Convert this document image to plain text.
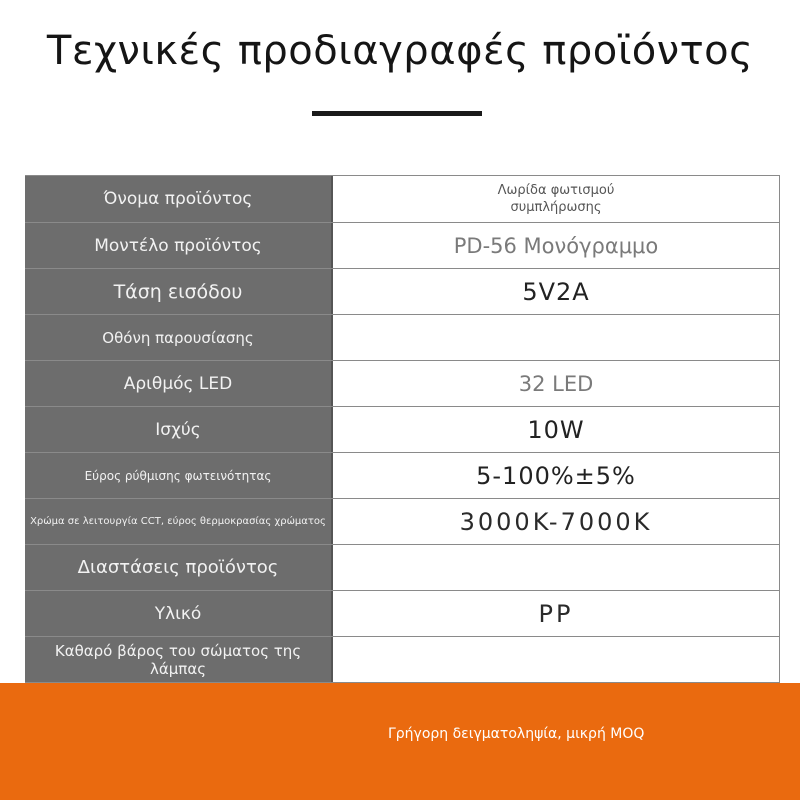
Τεχνικές προδιαγραφές προϊόντος
Όνομα προϊόντος	Λωρίδα φωτισμού συμπλήρωσης
Μοντέλο προϊόντος	PD-56 Μονόγραμμο
Τάση εισόδου	5V2A
Οθόνη παρουσίασης
Αριθμός LED	32 LED
Ισχύς	10W
Εύρος ρύθμισης φωτεινότητας	5-100%±5%
Χρώμα σε λειτουργία CCT, εύρος θερμοκρασίας χρώματος	3000K-7000K
Διαστάσεις προϊόντος
Υλικό	PP
Καθαρό βάρος του σώματος της λάμπας
Γρήγορη δειγματοληψία, μικρή MOQ
